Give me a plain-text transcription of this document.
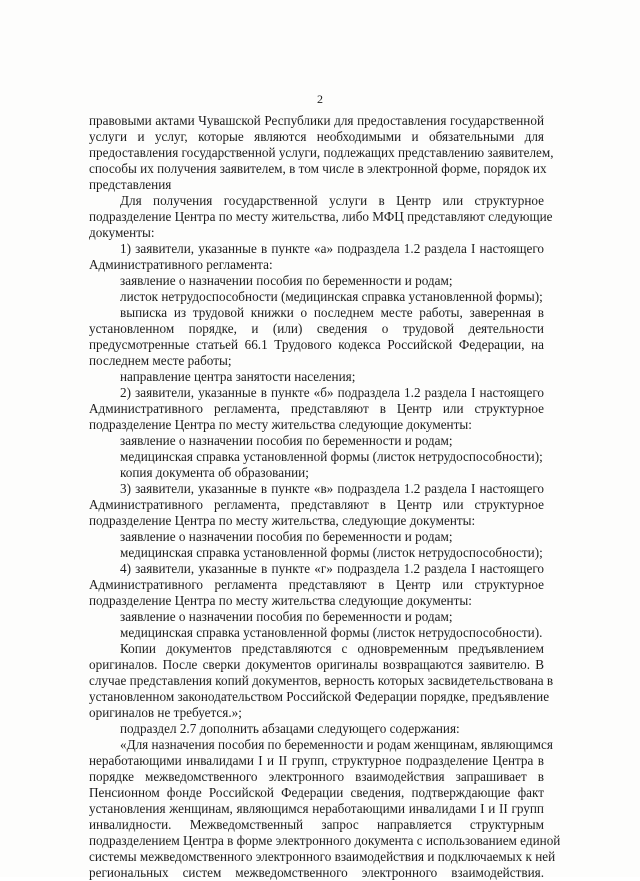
2
правовыми актами Чувашской Республики для предоставления государственной
услуги и услуг, которые являются необходимыми и обязательными для
предоставления государственной услуги, подлежащих представлению заявителем,
способы их получения заявителем, в том числе в электронной форме, порядок их
представления
Для получения государственной услуги в Центр или структурное
подразделение Центра по месту жительства, либо МФЦ представляют следующие
документы:
1) заявители, указанные в пункте «а» подраздела 1.2 раздела I настоящего
Административного регламента:
заявление о назначении пособия по беременности и родам;
листок нетрудоспособности (медицинская справка установленной формы);
выписка из трудовой книжки о последнем месте работы, заверенная в
установленном порядке, и (или) сведения о трудовой деятельности
предусмотренные статьей 66.1 Трудового кодекса Российской Федерации, на
последнем месте работы;
направление центра занятости населения;
2) заявители, указанные в пункте «б» подраздела 1.2 раздела I настоящего
Административного регламента, представляют в Центр или структурное
подразделение Центра по месту жительства следующие документы:
заявление о назначении пособия по беременности и родам;
медицинская справка установленной формы (листок нетрудоспособности);
копия документа об образовании;
3) заявители, указанные в пункте «в» подраздела 1.2 раздела I настоящего
Административного регламента, представляют в Центр или структурное
подразделение Центра по месту жительства, следующие документы:
заявление о назначении пособия по беременности и родам;
медицинская справка установленной формы (листок нетрудоспособности);
4) заявители, указанные в пункте «г» подраздела 1.2 раздела I настоящего
Административного регламента представляют в Центр или структурное
подразделение Центра по месту жительства следующие документы:
заявление о назначении пособия по беременности и родам;
медицинская справка установленной формы (листок нетрудоспособности).
Копии документов представляются с одновременным предъявлением
оригиналов. После сверки документов оригиналы возвращаются заявителю. В
случае представления копий документов, верность которых засвидетельствована в
установленном законодательством Российской Федерации порядке, предъявление
оригиналов не требуется.»;
подраздел 2.7 дополнить абзацами следующего содержания:
«Для назначения пособия по беременности и родам женщинам, являющимся
неработающими инвалидами I и II групп, структурное подразделение Центра в
порядке межведомственного электронного взаимодействия запрашивает в
Пенсионном фонде Российской Федерации сведения, подтверждающие факт
установления женщинам, являющимся неработающими инвалидами I и II групп
инвалидности. Межведомственный запрос направляется структурным
подразделением Центра в форме электронного документа с использованием единой
системы межведомственного электронного взаимодействия и подключаемых к ней
региональных систем межведомственного электронного взаимодействия.
